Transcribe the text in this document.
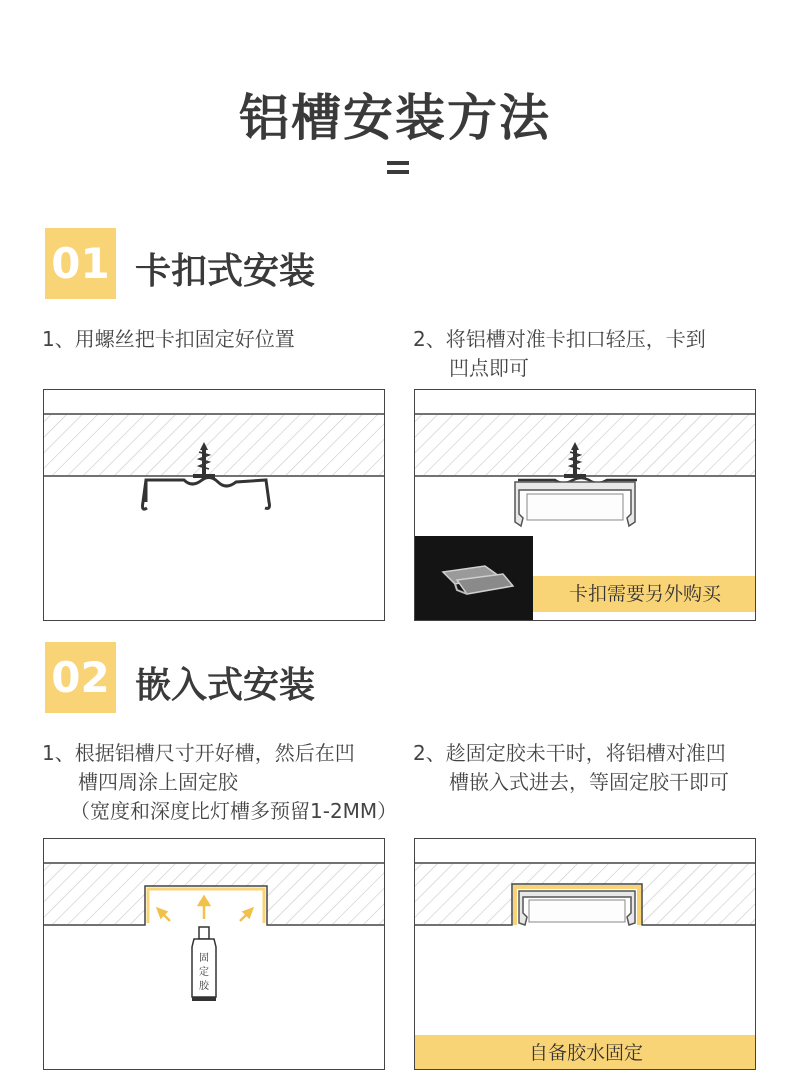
铝槽安装方法
01 卡扣式安装
1、用螺丝把卡扣固定好位置	2、将铝槽对准卡扣口轻压，卡到
凹点即可
卡扣需要另外购买
02 嵌入式安装
1、根据铝槽尺寸开好槽，然后在凹
槽四周涂上固定胶
（宽度和深度比灯槽多预留1-2MM）
2、趁固定胶未干时，将铝槽对准凹
槽嵌入式进去，等固定胶干即可
固
定
胶
自备胶水固定
